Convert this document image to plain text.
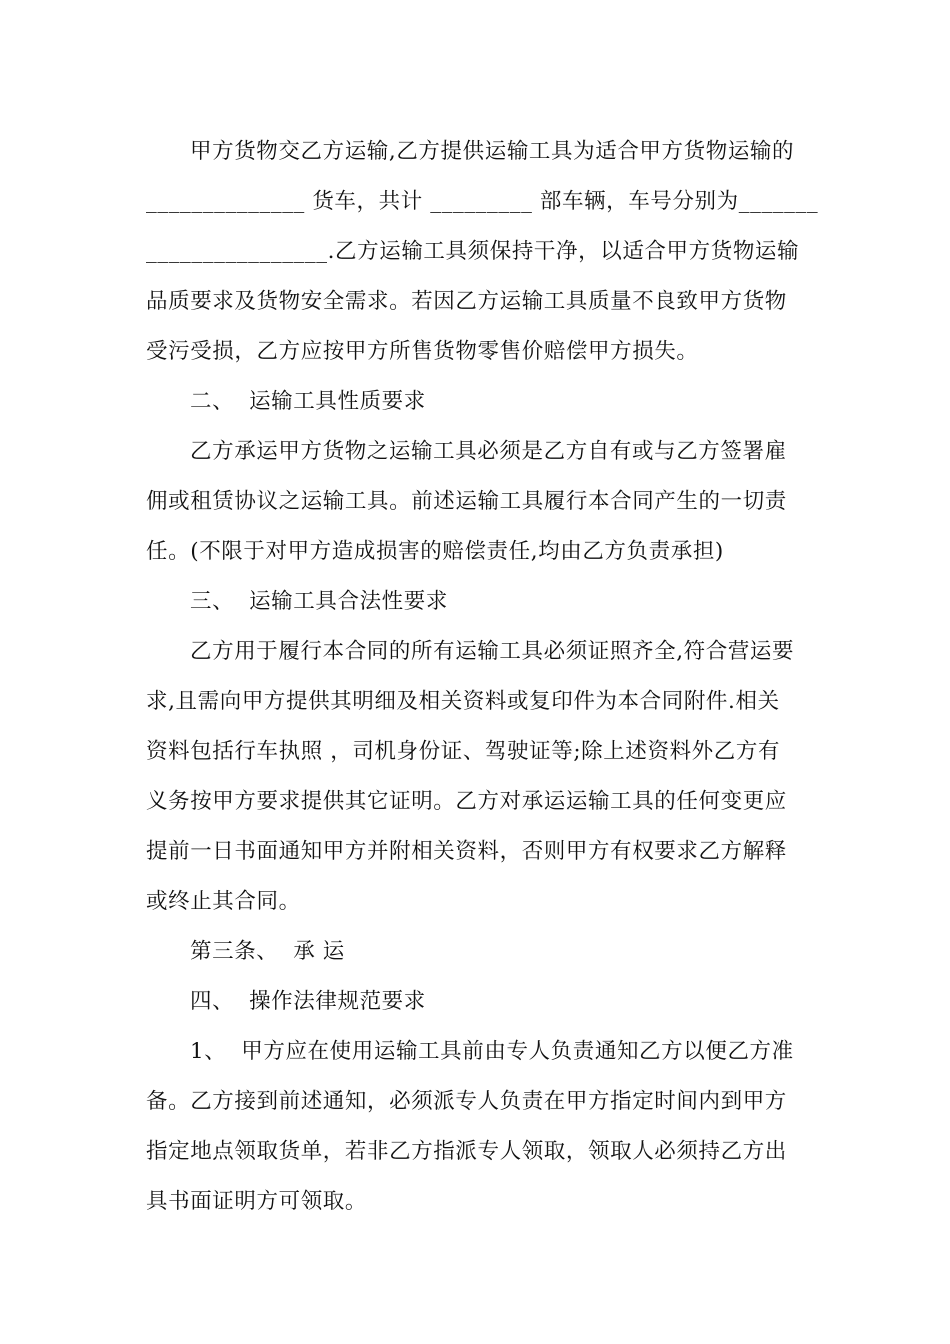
甲方货物交乙方运输,乙方提供运输工具为适合甲方货物运输的
______________ 货车，共计 _________ 部车辆，车号分别为_______
________________.乙方运输工具须保持干净，以适合甲方货物运输
品质要求及货物安全需求。若因乙方运输工具质量不良致甲方货物
受污受损，乙方应按甲方所售货物零售价赔偿甲方损失。
二、  运输工具性质要求
乙方承运甲方货物之运输工具必须是乙方自有或与乙方签署雇
佣或租赁协议之运输工具。前述运输工具履行本合同产生的一切责
任。(不限于对甲方造成损害的赔偿责任,均由乙方负责承担)
三、  运输工具合法性要求
乙方用于履行本合同的所有运输工具必须证照齐全,符合营运要
求,且需向甲方提供其明细及相关资料或复印件为本合同附件.相关
资料包括行车执照 ，司机身份证、驾驶证等;除上述资料外乙方有
义务按甲方要求提供其它证明。乙方对承运运输工具的任何变更应
提前一日书面通知甲方并附相关资料，否则甲方有权要求乙方解释
或终止其合同。
第三条、  承 运
四、  操作法律规范要求
1、  甲方应在使用运输工具前由专人负责通知乙方以便乙方准
备。乙方接到前述通知，必须派专人负责在甲方指定时间内到甲方
指定地点领取货单，若非乙方指派专人领取，领取人必须持乙方出
具书面证明方可领取。
